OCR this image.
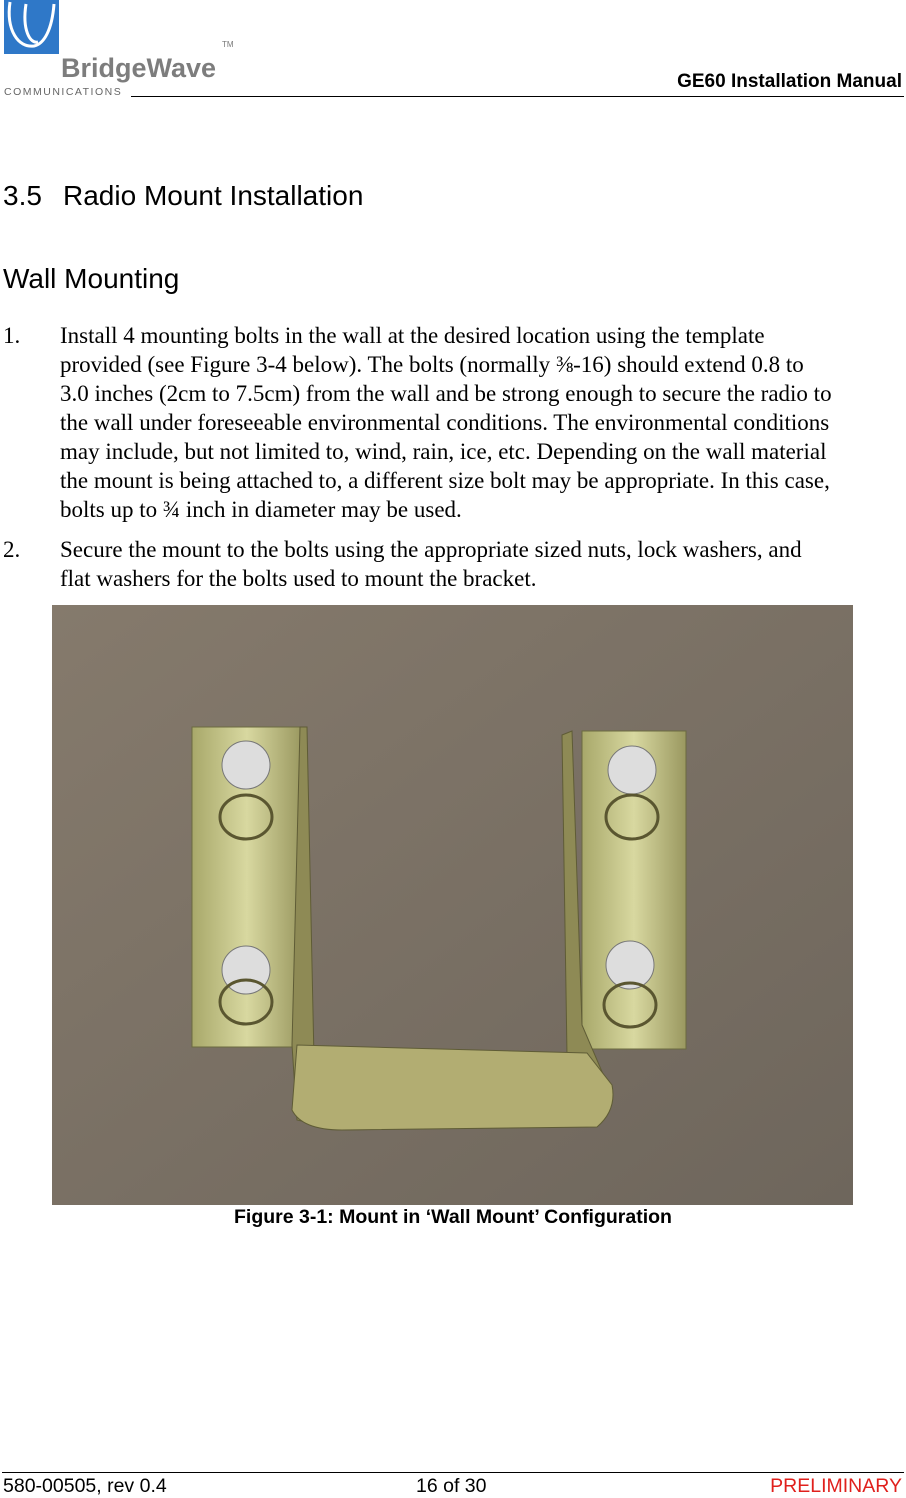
BridgeWave
TM
COMMUNICATIONS	GE60 Installation Manual
3.5 Radio Mount Installation
Wall Mounting
1. Install 4 mounting bolts in the wall at the desired location using the template
provided (see Figure 3-4 below). The bolts (normally ⅜-16) should extend 0.8 to
3.0 inches (2cm to 7.5cm) from the wall and be strong enough to secure the radio to
the wall under foreseeable environmental conditions. The environmental conditions
may include, but not limited to, wind, rain, ice, etc. Depending on the wall material
the mount is being attached to, a different size bolt may be appropriate. In this case,
bolts up to ¾ inch in diameter may be used.
2. Secure the mount to the bolts using the appropriate sized nuts, lock washers, and
flat washers for the bolts used to mount the bracket.
Figure 3-1: Mount in ‘Wall Mount’ Configuration
580-00505, rev 0.4	16 of 30	PRELIMINARY
